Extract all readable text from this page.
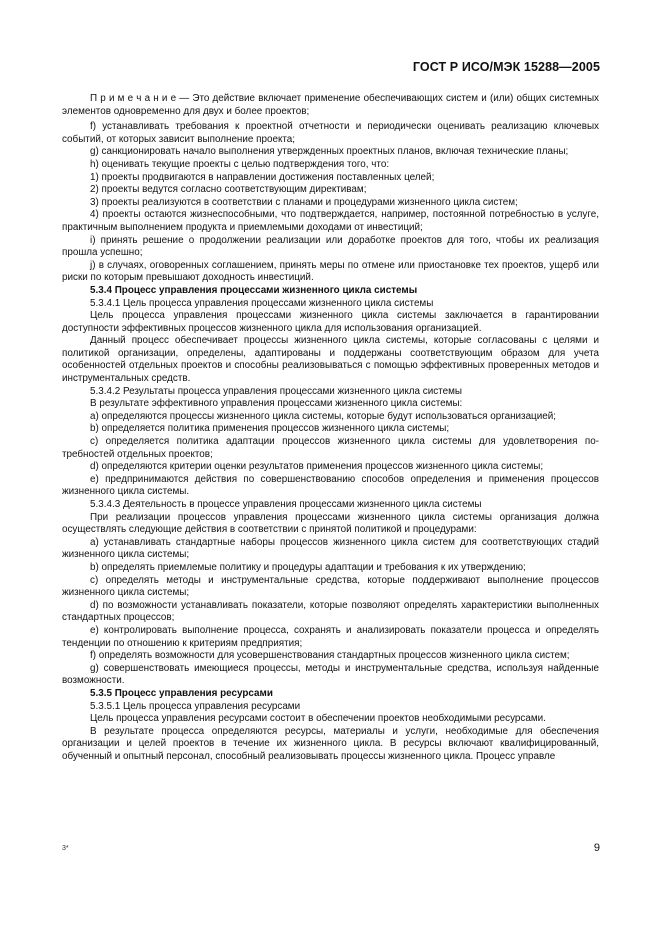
ГОСТ Р ИСО/МЭК 15288—2005

П р и м е ч а н и е — Это действие включает применение обеспечивающих систем и (или) общих системных элементов одновременно для двух и более проектов;

f) устанавливать требования к проектной отчетности и периодически оценивать реализацию ключевых событий, от которых зависит выполнение проекта;

g) санкционировать начало выполнения утвержденных проектных планов, включая технические планы;

h) оценивать текущие проекты с целью подтверждения того, что:

1) проекты продвигаются в направлении достижения поставленных целей;

2) проекты ведутся согласно соответствующим директивам;

3) проекты реализуются в соответствии с планами и процедурами жизненного цикла систем;

4) проекты остаются жизнеспособными, что подтверждается, например, постоянной потребностью в услуге, практичным выполнением продукта и приемлемыми доходами от инвестиций;

i) принять решение о продолжении реализации или доработке проектов для того, чтобы их реализация прошла успешно;

j) в случаях, оговоренных соглашением, принять меры по отмене или приостановке тех проектов, ущерб или риски по которым превышают доходность инвестиций.

5.3.4 Процесс управления процессами жизненного цикла системы

5.3.4.1 Цель процесса управления процессами жизненного цикла системы

Цель процесса управления процессами жизненного цикла системы заключается в гарантировании доступности эффективных процессов жизненного цикла для использования организацией.

Данный процесс обеспечивает процессы жизненного цикла системы, которые согласованы с целями и политикой организации, определены, адаптированы и поддержаны соответствующим образом для учета особенностей отдельных проектов и способны реализовываться с помощью эффективных проверенных методов и инструментальных средств.

5.3.4.2 Результаты процесса управления процессами жизненного цикла системы

В результате эффективного управления процессами жизненного цикла системы:

a) определяются процессы жизненного цикла системы, которые будут использоваться организацией;

b) определяется политика применения процессов жизненного цикла системы;

c) определяется политика адаптации процессов жизненного цикла системы для удовлетворения потребностей отдельных проектов;

d) определяются критерии оценки результатов применения процессов жизненного цикла системы;

e) предпринимаются действия по совершенствованию способов определения и применения процессов жизненного цикла системы.

5.3.4.3 Деятельность в процессе управления процессами жизненного цикла системы

При реализации процессов управления процессами жизненного цикла системы организация должна осуществлять следующие действия в соответствии с принятой политикой и процедурами:

a) устанавливать стандартные наборы процессов жизненного цикла систем для соответствующих стадий жизненного цикла системы;

b) определять приемлемые политику и процедуры адаптации и требования к их утверждению;

c) определять методы и инструментальные средства, которые поддерживают выполнение процессов жизненного цикла системы;

d) по возможности устанавливать показатели, которые позволяют определять характеристики выполненных стандартных процессов;

e) контролировать выполнение процесса, сохранять и анализировать показатели процесса и определять тенденции по отношению к критериям предприятия;

f) определять возможности для усовершенствования стандартных процессов жизненного цикла систем;

g) совершенствовать имеющиеся процессы, методы и инструментальные средства, используя найденные возможности.

5.3.5 Процесс управления ресурсами

5.3.5.1 Цель процесса управления ресурсами

Цель процесса управления ресурсами состоит в обеспечении проектов необходимыми ресурсами.

В результате процесса определяются ресурсы, материалы и услуги, необходимые для обеспечения организации и целей проектов в течение их жизненного цикла. В ресурсы включают квалифицированный, обученный и опытный персонал, способный реализовывать процессы жизненного цикла. Процесс управле

3*	9
